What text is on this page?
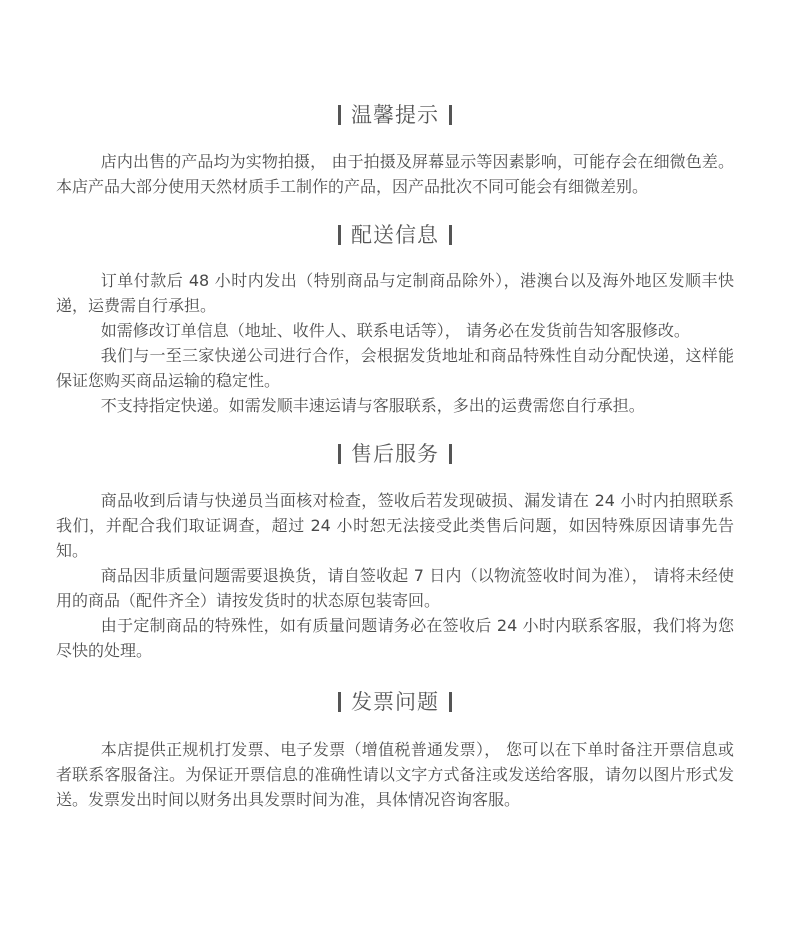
温馨提示

店内出售的产品均为实物拍摄， 由于拍摄及屏幕显示等因素影响，可能存会在细微色差。本店产品大部分使用天然材质手工制作的产品，因产品批次不同可能会有细微差别。

配送信息

订单付款后 48 小时内发出（特别商品与定制商品除外），港澳台以及海外地区发顺丰快递，运费需自行承担。

如需修改订单信息（地址、收件人、联系电话等）， 请务必在发货前告知客服修改。

我们与一至三家快递公司进行合作，会根据发货地址和商品特殊性自动分配快递，这样能保证您购买商品运输的稳定性。

不支持指定快递。如需发顺丰速运请与客服联系，多出的运费需您自行承担。

售后服务

商品收到后请与快递员当面核对检查，签收后若发现破损、漏发请在 24 小时内拍照联系我们，并配合我们取证调查，超过 24 小时恕无法接受此类售后问题，如因特殊原因请事先告知。

商品因非质量问题需要退换货，请自签收起 7 日内（以物流签收时间为准）， 请将未经使用的商品（配件齐全）请按发货时的状态原包装寄回。

由于定制商品的特殊性，如有质量问题请务必在签收后 24 小时内联系客服，我们将为您尽快的处理。

发票问题

本店提供正规机打发票、电子发票（增值税普通发票）， 您可以在下单时备注开票信息或者联系客服备注。为保证开票信息的准确性请以文字方式备注或发送给客服，请勿以图片形式发送。发票发出时间以财务出具发票时间为准，具体情况咨询客服。
